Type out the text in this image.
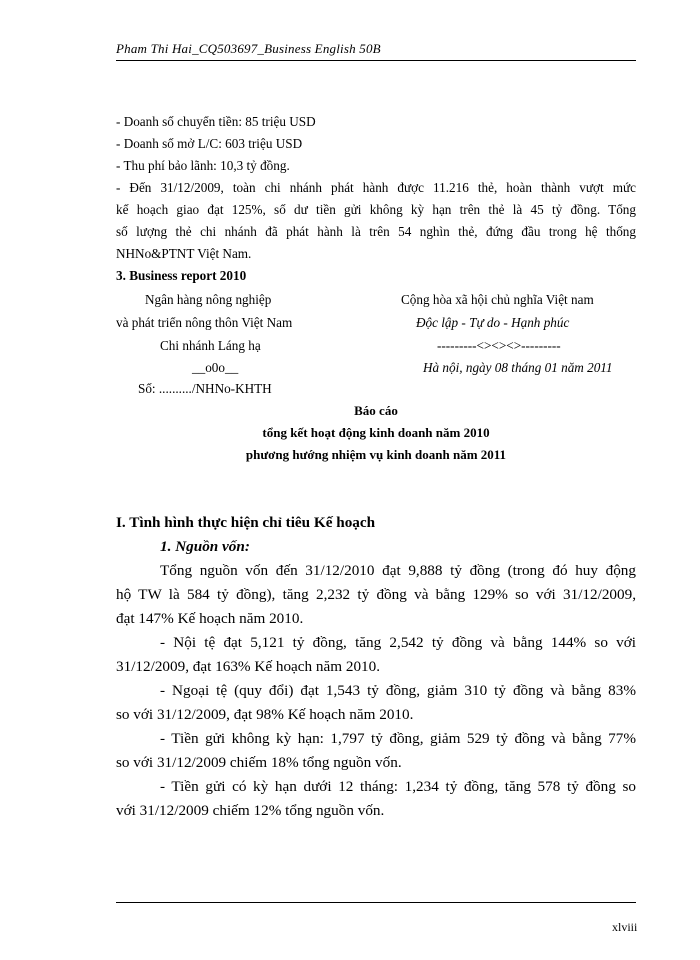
Pham Thi Hai_CQ503697_Business English 50B
- Doanh số chuyển tiền: 85 triệu USD
- Doanh số mở L/C: 603 triệu USD
- Thu phí bảo lãnh: 10,3 tỷ đồng.
- Đến 31/12/2009, toàn chi nhánh phát hành được 11.216 thẻ, hoàn thành vượt mức
kế hoạch giao đạt 125%, số dư tiền gửi không kỳ hạn trên thẻ là 45 tỷ đồng. Tổng
số lượng thẻ chi nhánh đã phát hành là trên 54 nghìn thẻ, đứng đầu trong hệ thống
NHNo&PTNT Việt Nam.
3. Business report 2010
Ngân hàng nông nghiệp
và phát triển nông thôn Việt Nam
Chi nhánh Láng hạ
__o0o__
Số: ........../NHNo-KHTH
Cộng hòa xã hội chủ nghĩa Việt nam
Độc lập - Tự do - Hạnh phúc
---------<><><>---------
Hà nội, ngày 08 tháng 01 năm 2011
Báo cáo
tổng kết hoạt động kinh doanh năm 2010
phương hướng nhiệm vụ kinh doanh năm 2011
I. Tình hình thực hiện chỉ tiêu Kế hoạch
1. Nguồn vốn:
Tổng nguồn vốn đến 31/12/2010 đạt 9,888 tỷ đồng (trong đó huy động
hộ TW là 584 tỷ đồng), tăng 2,232 tỷ đồng và bằng 129% so với 31/12/2009,
đạt 147% Kế hoạch năm 2010.
- Nội tệ đạt 5,121 tỷ đồng, tăng 2,542 tỷ đồng và bằng 144% so với
31/12/2009, đạt 163% Kế hoạch năm 2010.
- Ngoại tệ (quy đổi) đạt 1,543 tỷ đồng, giảm 310 tỷ đồng và bằng 83%
so với 31/12/2009, đạt 98% Kế hoạch năm 2010.
- Tiền gửi không kỳ hạn: 1,797 tỷ đồng, giảm 529 tỷ đồng và bằng 77%
so với 31/12/2009 chiếm 18% tổng nguồn vốn.
- Tiền gửi có kỳ hạn dưới 12 tháng: 1,234 tỷ đồng, tăng 578 tỷ đồng so
với 31/12/2009 chiếm 12% tổng nguồn vốn.
xlviii
